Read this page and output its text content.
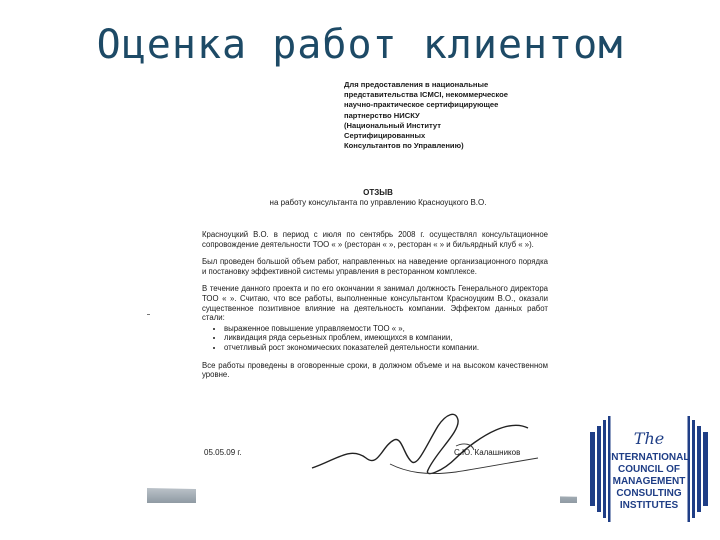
Оценка работ клиентом
Для предоставления в национальные
представительства ICMCI, некоммерческое
научно-практическое сертифицирующее
партнерство НИСКУ
(Национальный Институт
Сертифицированных
Консультантов по Управлению)
ОТЗЫВ
на работу консультанта по управлению Красноуцкого В.О.

Красноуцкий В.О. в период с июля по сентябрь 2008 г. осуществлял консультационное сопровождение деятельности ТОО « » (ресторан « », ресторан « » и бильярдный клуб « »).

Был проведен большой объем работ, направленных на наведение организационного порядка и постановку эффективной системы управления в ресторанном комплексе.

В течение данного проекта и по его окончании я занимал должность Генерального директора ТОО « ». Считаю, что все работы, выполненные консультантом Красноуцким В.О., оказали существенное позитивное влияние на деятельность компании. Эффектом данных работ стали:

• выраженное повышение управляемости ТОО « »,
• ликвидация ряда серьезных проблем, имеющихся в компании,
• отчетливый рост экономических показателей деятельности компании.

Все работы проведены в оговоренные сроки, в должном объеме и на высоком качественном уровне.

05.05.09 г.	С.Ю. Калашников
The
INTERNATIONAL
COUNCIL OF
MANAGEMENT
CONSULTING
INSTITUTES
